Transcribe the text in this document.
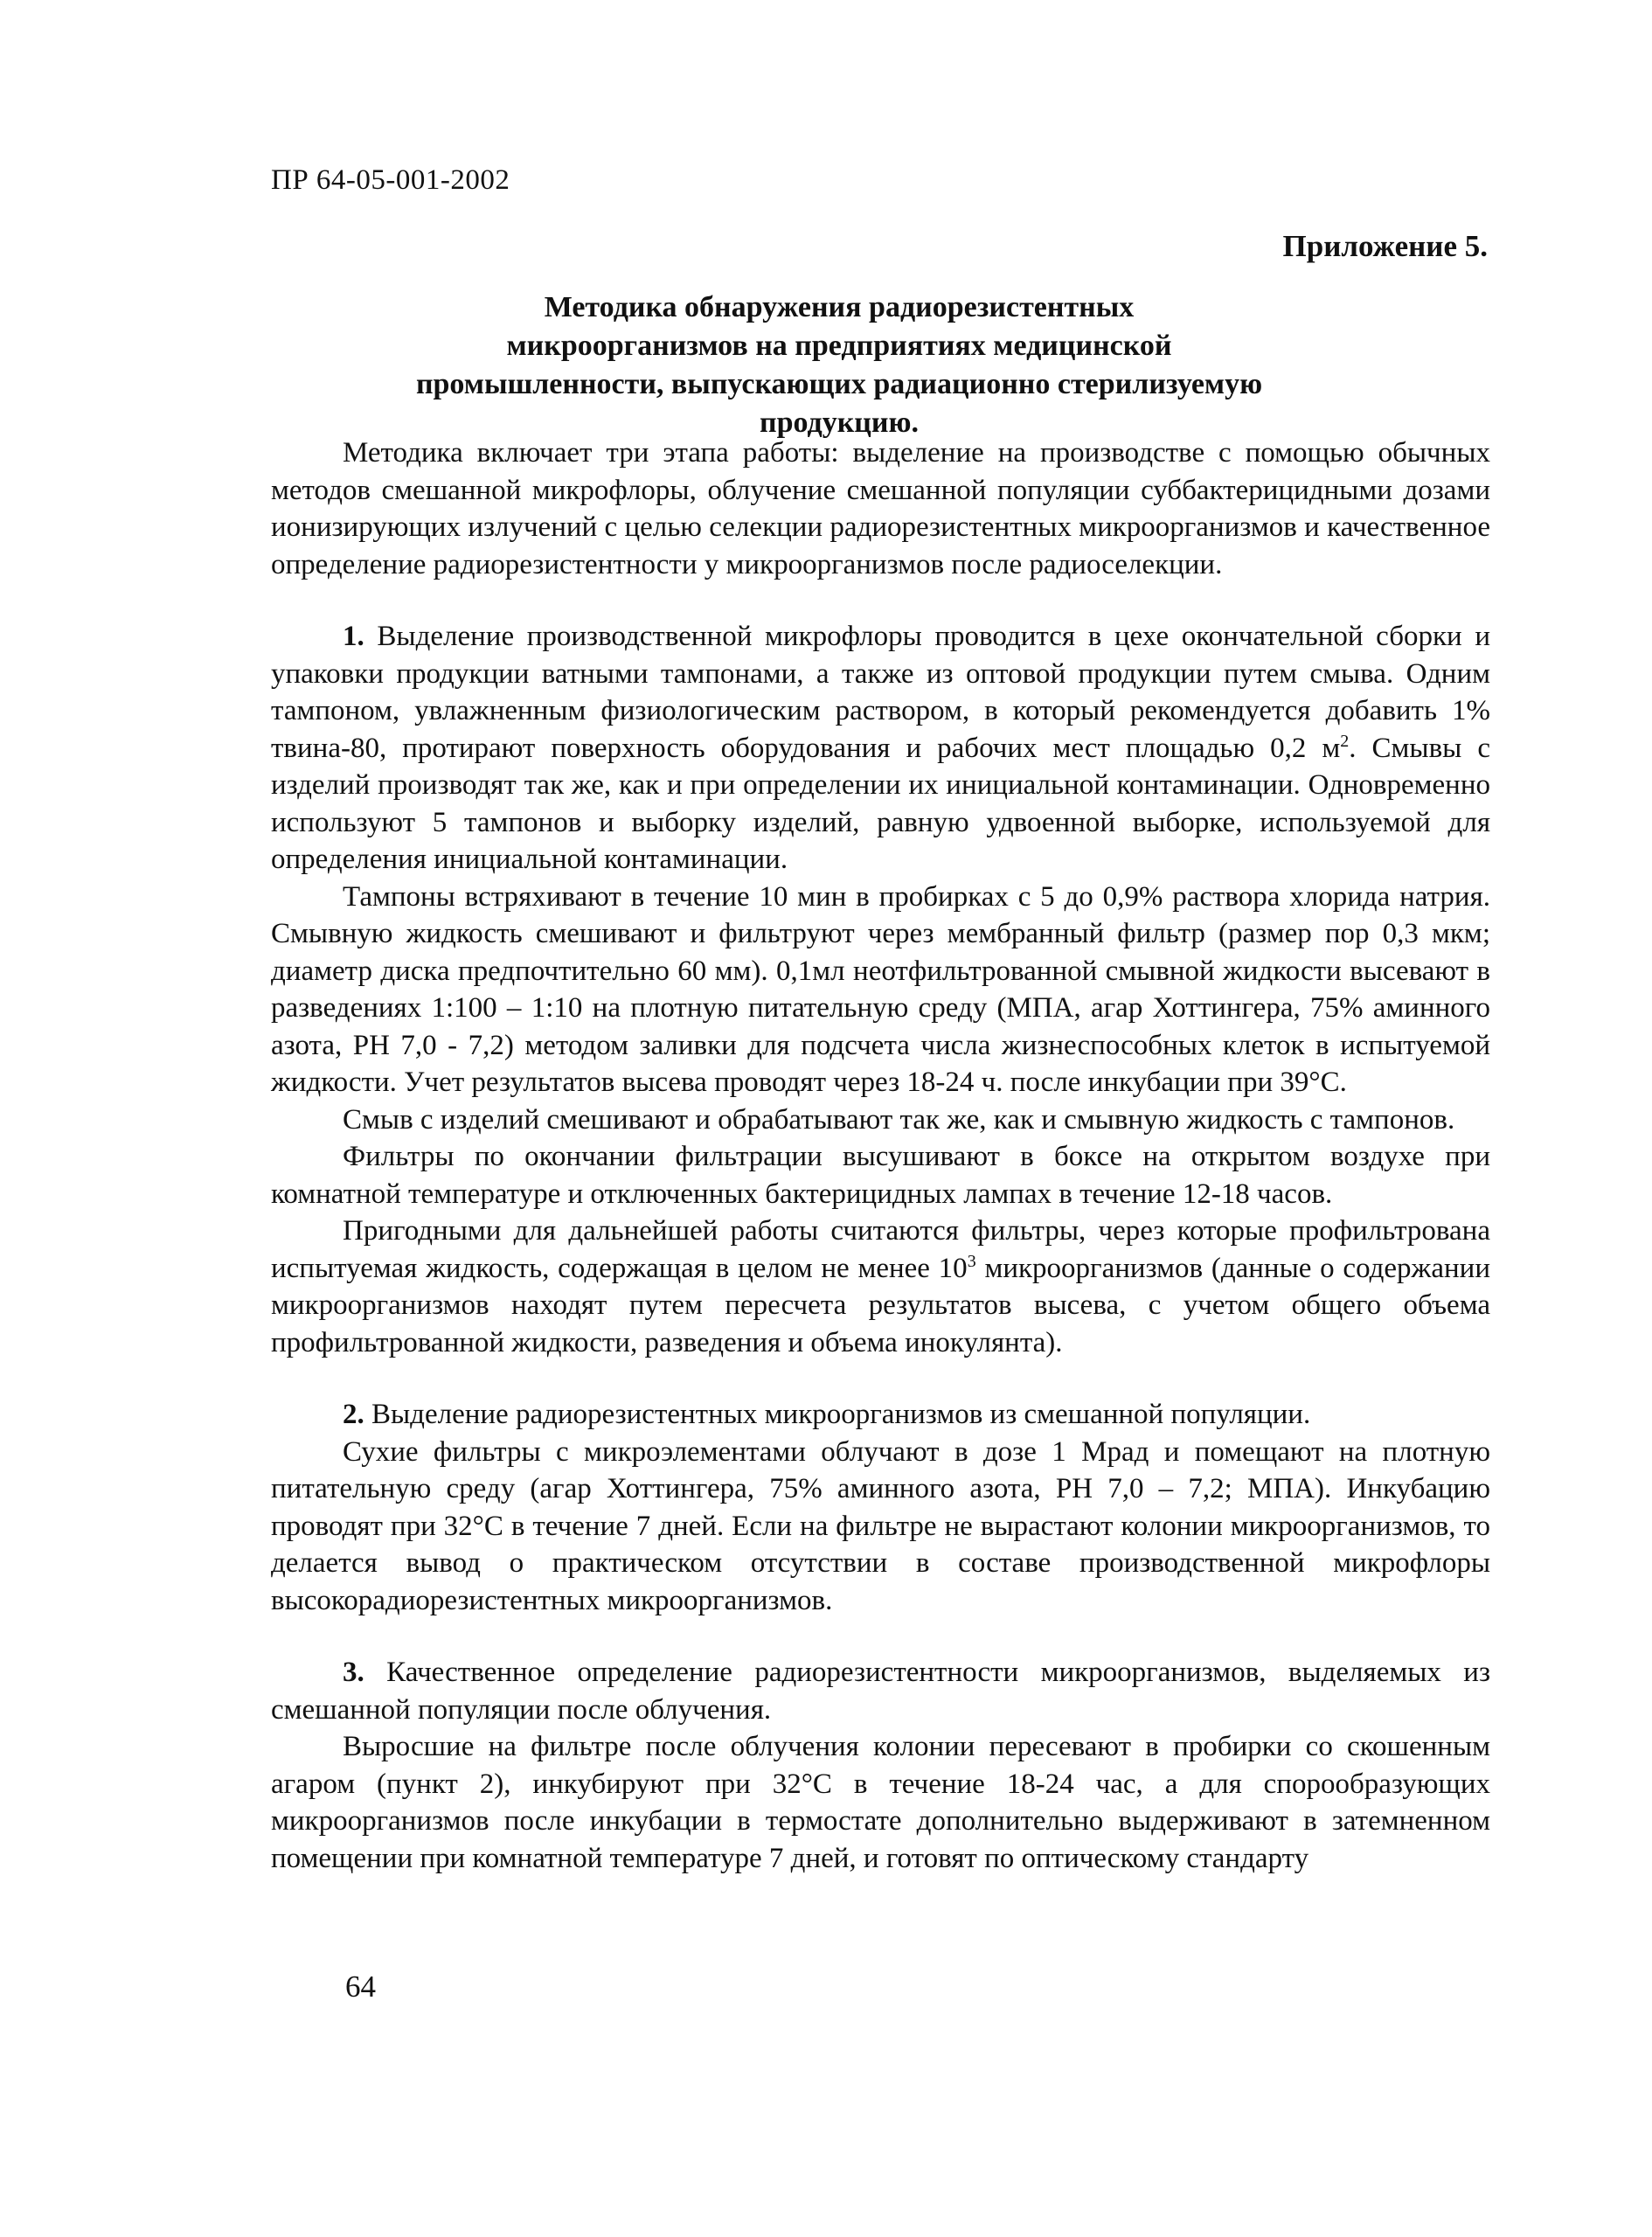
ПР 64-05-001-2002
Приложение 5.
Методика обнаружения радиорезистентных
микроорганизмов на предприятиях медицинской
промышленности, выпускающих радиационно стерилизуемую продукцию.

Методика включает три этапа работы: выделение на производстве с помощью обычных методов смешанной микрофлоры, облучение смешанной популяции суббактерицидными дозами ионизирующих излучений с целью селекции радиорезистентных микроорганизмов и качественное определение радиорезистентности у микроорганизмов после радиоселекции.

1. Выделение производственной микрофлоры проводится в цехе окончательной сборки и упаковки продукции ватными тампонами, а также из оптовой продукции путем смыва. Одним тампоном, увлажненным физиологическим раствором, в который рекомендуется добавить 1% твина-80, протирают поверхность оборудования и рабочих мест площадью 0,2 $м^2$. Смывы с изделий производят так же, как и при определении их инициальной контаминации. Одновременно используют 5 тампонов и выборку изделий, равную удвоенной выборке, используемой для определения инициальной контаминации.

Тампоны встряхивают в течение 10 мин в пробирках с 5 до 0,9% раствора хлорида натрия. Смывную жидкость смешивают и фильтруют через мембранный фильтр (размер пор 0,3 мкм; диаметр диска предпочтительно 60 мм). 0,1мл неотфильтрованной смывной жидкости высевают в разведениях 1:100 – 1:10 на плотную питательную среду (МПА, агар Хоттингера, 75% аминного азота, РН 7,0 - 7,2) методом заливки для подсчета числа жизнеспособных клеток в испытуемой жидкости. Учет результатов высева проводят через 18-24 ч. после инкубации при 39°С.

Смыв с изделий смешивают и обрабатывают так же, как и смывную жидкость с тампонов.

Фильтры по окончании фильтрации высушивают в боксе на открытом воздухе при комнатной температуре и отключенных бактерицидных лампах в течение 12-18 часов.

Пригодными для дальнейшей работы считаются фильтры, через которые профильтрована испытуемая жидкость, содержащая в целом не менее $10^3$ микроорганизмов (данные о содержании микроорганизмов находят путем пересчета результатов высева, с учетом общего объема профильтрованной жидкости, разведения и объема инокулянта).

2. Выделение радиорезистентных микроорганизмов из смешанной популяции.

Сухие фильтры с микроэлементами облучают в дозе 1 Мрад и помещают на плотную питательную среду (агар Хоттингера, 75% аминного азота, РН 7,0 – 7,2; МПА). Инкубацию проводят при 32°С в течение 7 дней. Если на фильтре не вырастают колонии микроорганизмов, то делается вывод о практическом отсутствии в составе производственной микрофлоры высокорадиорезистентных микроорганизмов.

3. Качественное определение радиорезистентности микроорганизмов, выделяемых из смешанной популяции после облучения.

Выросшие на фильтре после облучения колонии пересевают в пробирки со скошенным агаром (пункт 2), инкубируют при 32°С в течение 18-24 час, а для спорообразующих микроорганизмов после инкубации в термостате дополнительно выдерживают в затемненном помещении при комнатной температуре 7 дней, и готовят по оптическому стандарту

64
